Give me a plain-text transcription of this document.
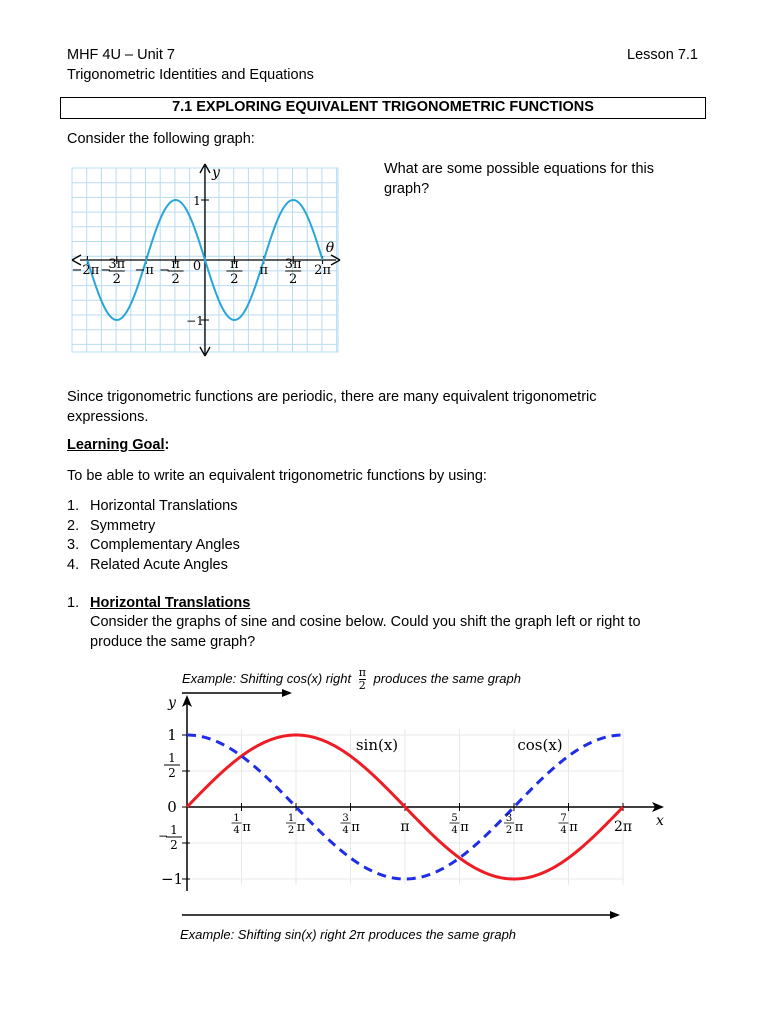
MHF 4U – Unit 7
Trigonometric Identities and Equations
Lesson 7.1
7.1 EXPLORING EQUIVALENT TRIGONOMETRIC FUNCTIONS
Consider the following graph:
y
θ
1
−1
−2π −
3π
2
−π − π
2
0 π
2
π 3π
2
2π
What are some possible equations for this graph?
Since trigonometric functions are periodic, there are many equivalent trigonometric expressions.
Learning Goal:
To be able to write an equivalent trigonometric functions by using:
1. Horizontal Translations
2. Symmetry
3. Complementary Angles
4. Related Acute Angles
1. Horizontal Translations
Consider the graphs of sine and cosine below. Could you shift the graph left or right to produce the same graph?
Example: Shifting cos(x) right $\frac{\pi}{2}$ produces the same graph
y
x
1
0
−1
1
2
− 1
2
1
4 π
1
2 π
3
4 π
5
4 π
3
2 π
7
4 π
π	2π
sin(x)	cos(x)
Example: Shifting sin(x) right 2π produces the same graph
